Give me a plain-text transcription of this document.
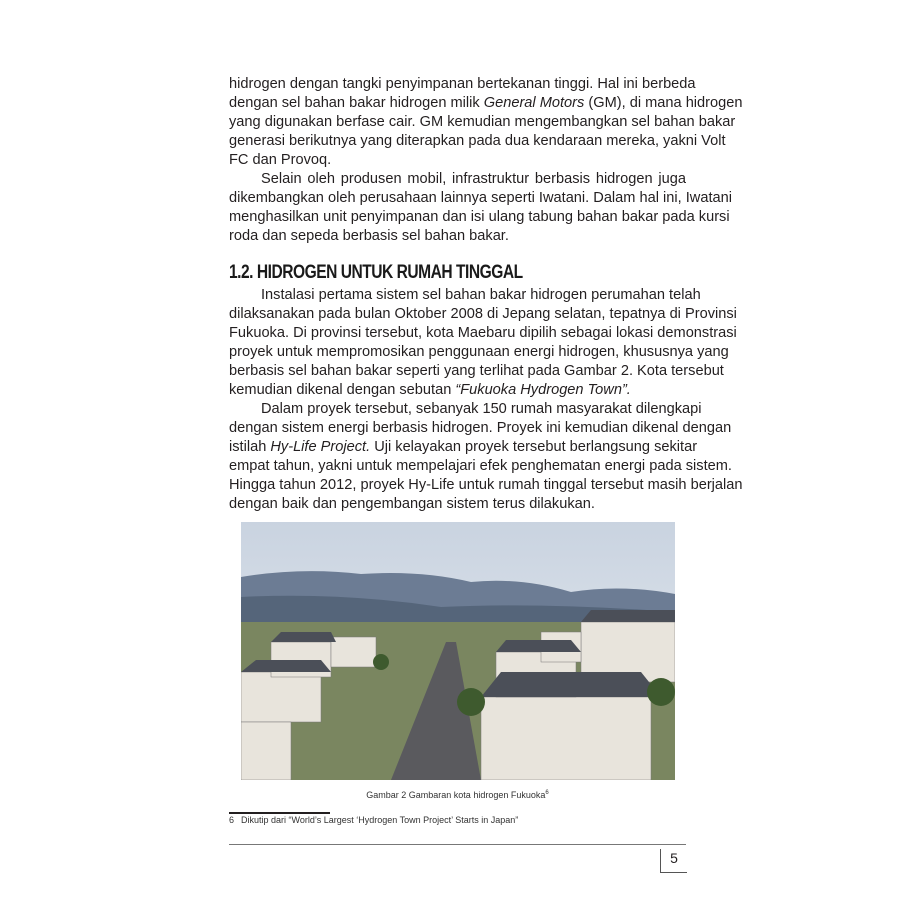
hidrogen dengan tangki penyimpanan bertekanan tinggi. Hal ini berbeda
dengan sel bahan bakar hidrogen milik General Motors (GM), di mana hidrogen
yang digunakan berfase cair. GM kemudian mengembangkan sel bahan bakar
generasi berikutnya yang diterapkan pada dua kendaraan mereka, yakni Volt
FC dan Provoq.
Selain oleh produsen mobil, infrastruktur berbasis hidrogen juga
dikembangkan oleh perusahaan lainnya seperti Iwatani. Dalam hal ini, Iwatani
menghasilkan unit penyimpanan dan isi ulang tabung bahan bakar pada kursi
roda dan sepeda berbasis sel bahan bakar.
Instalasi pertama sistem sel bahan bakar hidrogen perumahan telah
dilaksanakan pada bulan Oktober 2008 di Jepang selatan, tepatnya di Provinsi
Fukuoka. Di provinsi tersebut, kota Maebaru dipilih sebagai lokasi demonstrasi
proyek untuk mempromosikan penggunaan energi hidrogen, khususnya yang
berbasis sel bahan bakar seperti yang terlihat pada Gambar 2. Kota tersebut
kemudian dikenal dengan sebutan “Fukuoka Hydrogen Town”.
Dalam proyek tersebut, sebanyak 150 rumah masyarakat dilengkapi
dengan sistem energi berbasis hidrogen. Proyek ini kemudian dikenal dengan
istilah Hy-Life Project. Uji kelayakan proyek tersebut berlangsung sekitar
empat tahun, yakni untuk mempelajari efek penghematan energi pada sistem.
Hingga tahun 2012, proyek Hy-Life untuk rumah tinggal tersebut masih berjalan
dengan baik dan pengembangan sistem terus dilakukan.
1.2. HIDROGEN UNTUK RUMAH TINGGAL
Gambar 2 Gambaran kota hidrogen Fukuoka$^6$
6 Dikutip dari “World’s Largest ‘Hydrogen Town Project’ Starts in Japan”
5
